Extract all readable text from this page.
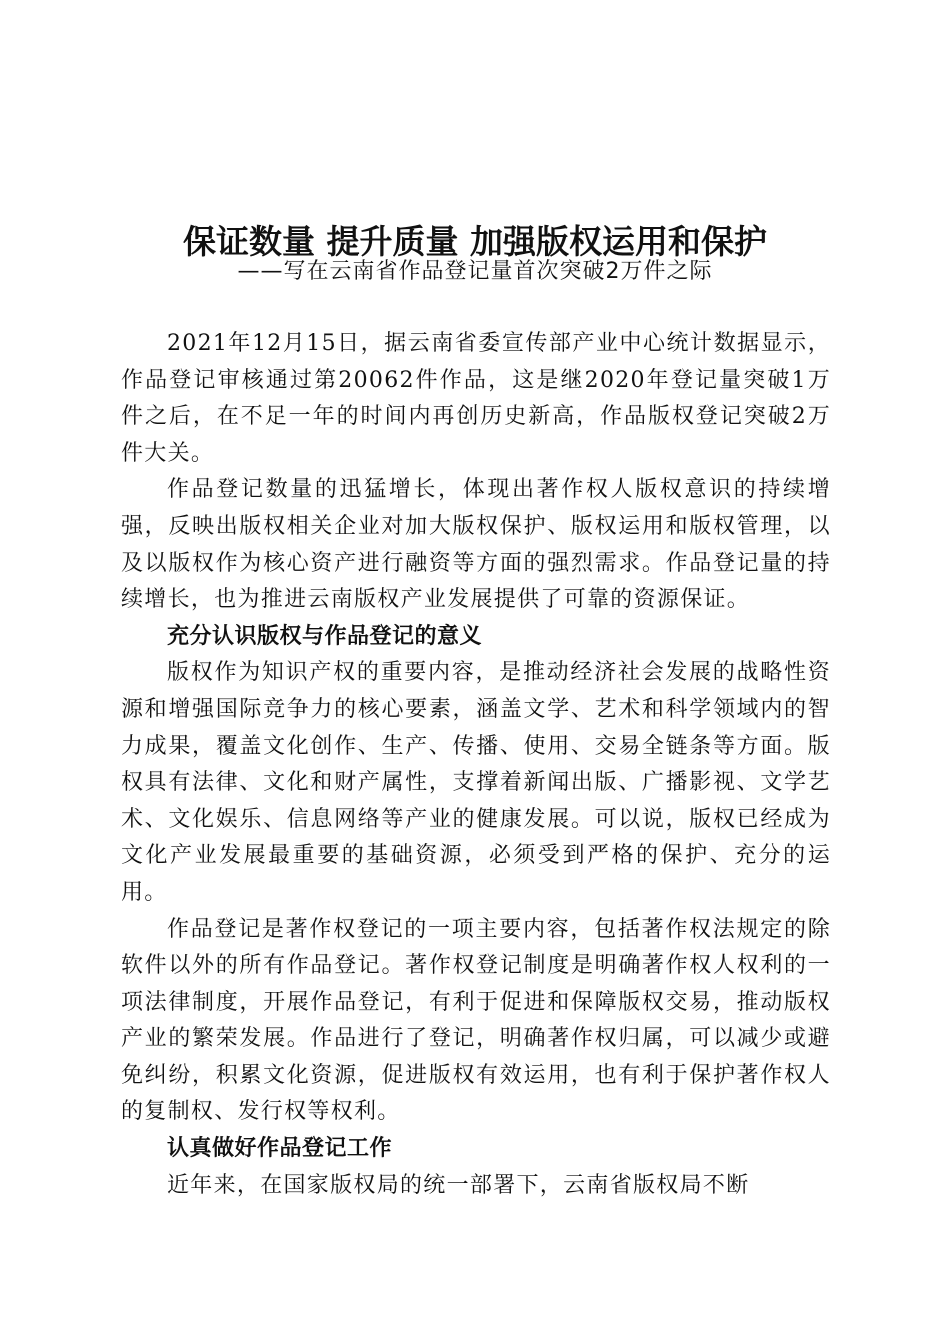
保证数量 提升质量 加强版权运用和保护
——写在云南省作品登记量首次突破2万件之际

2021年12月15日，据云南省委宣传部产业中心统计数据显示，作品登记审核通过第20062件作品，这是继2020年登记量突破1万件之后，在不足一年的时间内再创历史新高，作品版权登记突破2万件大关。

作品登记数量的迅猛增长，体现出著作权人版权意识的持续增强，反映出版权相关企业对加大版权保护、版权运用和版权管理，以及以版权作为核心资产进行融资等方面的强烈需求。作品登记量的持续增长，也为推进云南版权产业发展提供了可靠的资源保证。

充分认识版权与作品登记的意义

版权作为知识产权的重要内容，是推动经济社会发展的战略性资源和增强国际竞争力的核心要素，涵盖文学、艺术和科学领域内的智力成果，覆盖文化创作、生产、传播、使用、交易全链条等方面。版权具有法律、文化和财产属性，支撑着新闻出版、广播影视、文学艺术、文化娱乐、信息网络等产业的健康发展。可以说，版权已经成为文化产业发展最重要的基础资源，必须受到严格的保护、充分的运用。

作品登记是著作权登记的一项主要内容，包括著作权法规定的除软件以外的所有作品登记。著作权登记制度是明确著作权人权利的一项法律制度，开展作品登记，有利于促进和保障版权交易，推动版权产业的繁荣发展。作品进行了登记，明确著作权归属，可以减少或避免纠纷，积累文化资源，促进版权有效运用，也有利于保护著作权人的复制权、发行权等权利。

认真做好作品登记工作

近年来，在国家版权局的统一部署下，云南省版权局不断
